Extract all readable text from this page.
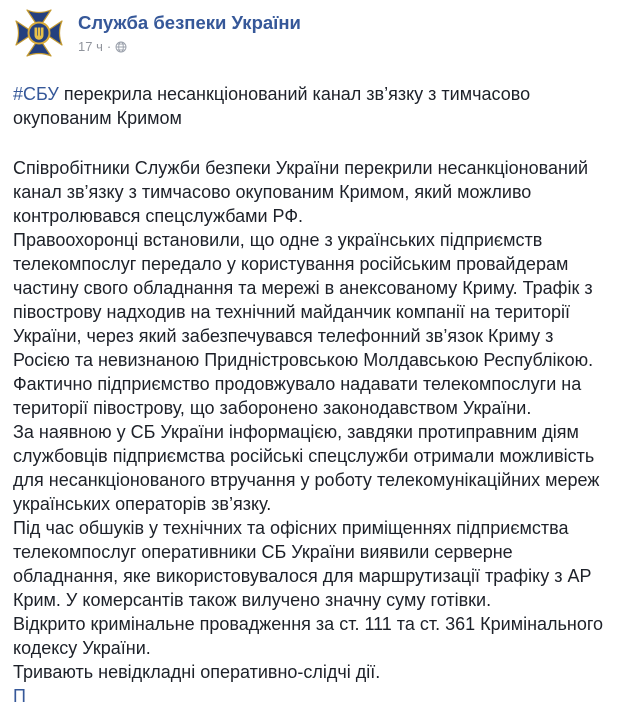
Служба безпеки України
17 ч ·
#СБУ перекрила несанкціонований канал зв’язку з тимчасово окупованим Кримом
Співробітники Служби безпеки України перекрили несанкціонований канал зв’язку з тимчасово окупованим Кримом, який можливо контролювався спецслужбами РФ.
Правоохоронці встановили, що одне з українських підприємств телекомпослуг передало у користування російським провайдерам частину свого обладнання та мережі в анексованому Криму. Трафік з півострову надходив на технічний майданчик компанії на території України, через який забезпечувався телефонний зв’язок Криму з Росією та невизнаною Придністровською Молдавською Республікою. Фактично підприємство продовжувало надавати телекомпослуги на території півострову, що заборонено законодавством України.
За наявною у СБ України інформацією, завдяки протиправним діям службовців підприємства російські спецслужби отримали можливість для несанкціонованого втручання у роботу телекомунікаційних мереж українських операторів зв’язку.
Під час обшуків у технічних та офісних приміщеннях підприємства телекомпослуг оперативники СБ України виявили серверне обладнання, яке використовувалося для маршрутизації трафіку з АР Крим. У комерсантів також вилучено значну суму готівки.
Відкрито кримінальне провадження за ст. 111 та ст. 361 Кримінального кодексу України.
Тривають невідкладні оперативно-слідчі дії.
П
